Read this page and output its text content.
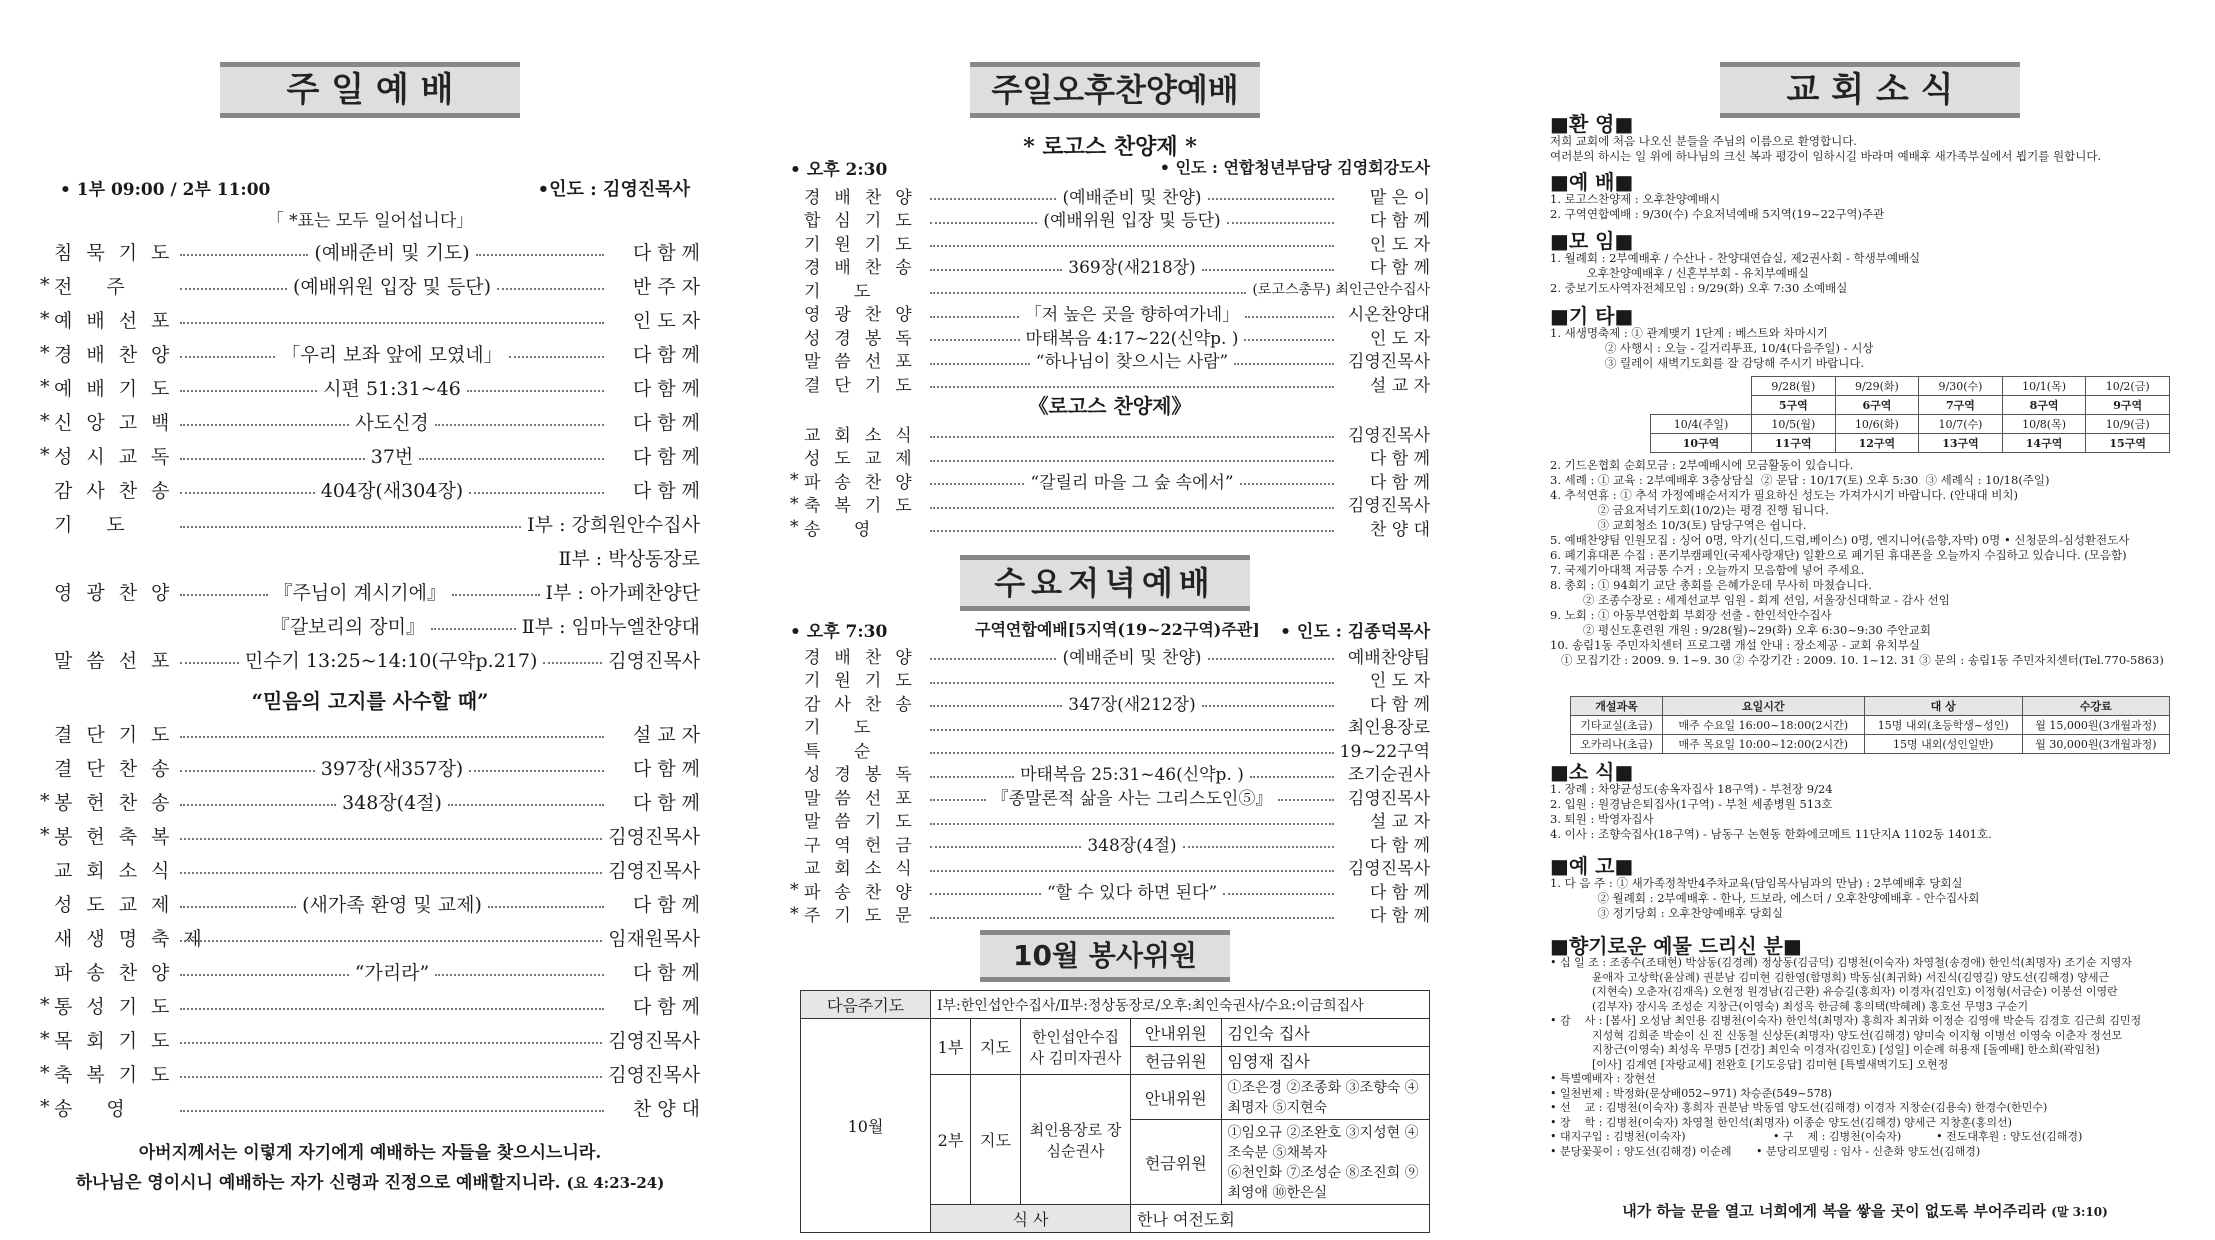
주 일 예 배
• 1부 09:00 / 2부 11:00	•인도 : 김영진목사
「 *표는 모두 일어섭니다」
침묵기도	(예배준비 및 기도)	다 함 께
* 전 주	(예배위원 입장 및 등단)	반 주 자
* 예배선포	인 도 자
* 경배찬양	「우리 보좌 앞에 모였네」	다 함 께
* 예배기도	시편 51:31~46	다 함 께
* 신앙고백	사도신경	다 함 께
* 성시교독	37번	다 함 께
감사찬송	404장(새304장)	다 함 께
기 도	Ⅰ부 : 강희원안수집사
Ⅱ부 : 박상동장로
영광찬양	『주님이 계시기에』	Ⅰ부 : 아가페찬양단
『갈보리의 장미』	Ⅱ부 : 임마누엘찬양대
말씀선포	민수기 13:25~14:10(구약p.217)	김영진목사
“믿음의 고지를 사수할 때”
결단기도	설 교 자
결단찬송	397장(새357장)	다 함 께
* 봉헌찬송	348장(4절)	다 함 께
* 봉헌축복	김영진목사
교회소식	김영진목사
성도교제	(새가족 환영 및 교제)	다 함 께
새생명축제	임재원목사
파송찬양	“가리라”	다 함 께
* 통성기도	다 함 께
* 목회기도	김영진목사
* 축복기도	김영진목사
* 송 영	찬 양 대
아버지께서는 이렇게 자기에게 예배하는 자들을 찾으시느니라.
하나님은 영이시니 예배하는 자가 신령과 진정으로 예배할지니라. (요 4:23-24)
주일오후찬양예배
* 로고스 찬양제 *
• 오후 2:30	• 인도 : 연합청년부담당 김영회강도사
경배찬양	(예배준비 및 찬양)	맡 은 이
합심기도	(예배위원 입장 및 등단)	다 함 께
기원기도	인 도 자
경배찬송	369장(새218장)	다 함 께
기 도	(로고스총무) 최인근안수집사
영광찬양	「저 높은 곳을 향하여가네」	시온찬양대
성경봉독	마태복음 4:17~22(신약p. )	인 도 자
말씀선포	“하나님이 찾으시는 사람”	김영진목사
결단기도	설 교 자
《로고스 찬양제》
교회소식	김영진목사
성도교제	다 함 께
* 파송찬양	“갈릴리 마을 그 숲 속에서”	다 함 께
* 축복기도	김영진목사
* 송 영	찬 양 대
수요저녁예배
• 오후 7:30	구역연합예배[5지역(19~22구역)주관]	• 인도 : 김종덕목사
경배찬양	(예배준비 및 찬양)	예배찬양팀
기원기도	인 도 자
감사찬송	347장(새212장)	다 함 께
기 도	최인용장로
특 순	19~22구역
성경봉독	마태복음 25:31~46(신약p. )	조기순권사
말씀선포	『종말론적 삶을 사는 그리스도인⑤』	김영진목사
말씀기도	설 교 자
구역헌금	348장(4절)	다 함 께
교회소식	김영진목사
* 파송찬양	“할 수 있다 하면 된다”	다 함 께
* 주기도문	다 함 께
10월 봉사위원
다음주기도	Ⅰ부:한인섭안수집사/Ⅱ부:정상동장로/오후:최인숙권사/수요:이금희집사
10월	1부	지도	한인섭안수집사 김미자권사	
안내위원	김인숙 집사

헌금위원	임영재 집사

2부	지도	최인용장로 장심순권사	
안내위원	①조은경 ②조종화 ③조향숙 ④최명자 ⑤지현숙

헌금위원	
①임오규 ②조완호 ③지성현 ④조숙분 ⑤채복자
⑥천인화 ⑦조성순 ⑧조진희 ⑨최영애 ⑩한은실

식 사	한나 여전도회
교 회 소 식
■환 영■
저희 교회에 처음 나오신 분들을 주님의 이름으로 환영합니다.
여러분의 하시는 일 위에 하나님의 크신 복과 평강이 임하시길 바라며 예배후 새가족부실에서 뵙기를 원합니다.
■예 배■
1. 로고스찬양제 : 오후찬양예배시
2. 구역연합예배 : 9/30(수) 수요저녁예배 5지역(19~22구역)주관
■모 임■
1. 월례회 : 2부예배후 / 수산나 - 찬양대연습실, 제2권사회 - 학생부예배실
오후찬양예배후 / 신혼부부회 - 유치부예배실
2. 중보기도사역자전체모임 : 9/29(화) 오후 7:30 소예배실
■기 타■
1. 새생명축제 : ① 관계맺기 1단계 : 베스트와 차마시기
② 사행시 : 오늘 - 길거리투표, 10/4(다음주일) - 시상
③ 릴레이 새벽기도회를 잘 감당해 주시기 바랍니다.
	9/28(월)	9/29(화)	9/30(수)	10/1(목)	10/2(금)
	5구역	6구역	7구역	8구역	9구역
10/4(주일)	10/5(월)	10/6(화)	10/7(수)	10/8(목)	10/9(금)
10구역	11구역	12구역	13구역	14구역	15구역
2. 기드온협회 순회모금 : 2부예배시에 모금활동이 있습니다.
3. 세례 : ① 교육 : 2부예배후 3층상담실  ② 문답 : 10/17(토) 오후 5:30  ③ 세례식 : 10/18(주일)
4. 추석연휴 : ① 추석 가정예배순서지가 필요하신 성도는 가져가시기 바랍니다. (안내대 비치)
② 금요저녁기도회(10/2)는 평경 진행 됩니다.
③ 교회청소 10/3(토) 담당구역은 쉽니다.
5. 예배찬양팀 인원모집 : 싱어 0명, 악기(신디,드럼,베이스) 0명, 엔지니어(음향,자막) 0명 • 신청문의-심성환전도사
6. 폐기휴대폰 수집 : 폰기부캠페인(국제사랑재단) 일환으로 폐기된 휴대폰을 오늘까지 수집하고 있습니다. (모음함)
7. 국제기아대책 저금통 수거 : 오늘까지 모음함에 넣어 주세요.
8. 총회 : ① 94회기 교단 총회를 은혜가운데 무사히 마쳤습니다.
② 조종수장로 : 세계선교부 임원 - 회계 선임, 서울장신대학교 - 감사 선임
9. 노회 : ① 아동부연합회 부회장 선출 - 한인석안수집사
② 평신도훈련원 개원 : 9/28(월)~29(화) 오후 6:30~9:30 주안교회
10. 송림1동 주민자치센터 프로그램 개설 안내 : 장소제공 - 교회 유치부실
① 모집기간 : 2009. 9. 1~9. 30 ② 수강기간 : 2009. 10. 1~12. 31 ③ 문의 : 송림1동 주민자치센터(Tel.770-5863)
개설과목	요일시간	대 상	수강료
기타교실(초급)	매주 수요일 16:00~18:00(2시간)	15명 내외(초등학생~성인)	월 15,000원(3개월과정)
오카리나(초급)	매주 목요일 10:00~12:00(2시간)	15명 내외(성인일반)	월 30,000원(3개월과정)
■소 식■
1. 장례 : 차양균성도(송옥자집사 18구역) - 부천장 9/24
2. 입원 : 원경남은퇴집사(1구역) - 부천 세종병원 513호
3. 퇴원 : 박영자집사
4. 이사 : 조향숙집사(18구역) - 남동구 논현동 한화에코메트 11단지A 1102동 1401호.
■예 고■
1. 다 음 주 : ① 새가족정착반4주차교육(담임목사님과의 만남) : 2부예배후 당회실
② 월례회 : 2부예배후 - 한나, 드보라, 에스더 / 오후찬양예배후 - 안수집사회
③ 정기당회 : 오후찬양예배후 당회실
■향기로운 예물 드리신 분■
• 십 일 조 : 조종수(조태현) 박삼동(김경례) 정상동(김금덕) 김병천(이숙자) 차영철(송경애) 한인석(최명자) 조기순 지영자
윤애자 고상학(윤삼례) 권분남 김미현 김한영(함명희) 박동심(최귀화) 서진식(김영길) 양도선(김해경) 양세근
(지현숙) 오춘자(김재옥) 오현정 원경남(김근환) 유승길(홍희자) 이경자(김인호) 이정형(서금순) 이봉선 이영란
(김부자) 장시옥 조성순 지창근(이영숙) 최성옥 한금혜 홍의택(박혜례) 홍호선 무명3 구순기
• 감    사 : [봄사] 오성남 최인용 김병천(이숙자) 한인석(최명자) 홍희자 최귀화 이정순 김영애 박순득 김경호 김근희 김민정
지성혁 김희준 박순이 신 진 신동철 신상돈(최명자) 양도선(김해경) 양미숙 이지형 이병선 이영숙 이춘자 정선모
지창근(이영숙) 최성옥 무명5 [건강] 최인숙 이경자(김인호) [성일] 이순례 허용재 [돌예배] 한소희(곽임천)
[이사] 김계연 [자랑교세] 전완호 [기도응답] 김미현 [특별새벽기도] 오현정
• 특별예배자 : 장현선
• 일천번제 : 박정화(문상배052~971) 차승준(549~578)
• 선    교 : 김병천(이숙자) 홍희자 권분남 박동엽 양도선(김해경) 이경자 지창순(김용숙) 한경수(한민수)
• 장    학 : 김병천(이숙자) 차영철 한인석(최명자) 이종순 양도선(김해경) 양세근 지창훈(홍의선)
• 대지구입 : 김병천(이숙자)                         • 구    제 : 김병천(이숙자)          • 전도대후원 : 양도선(김해경)
• 분당꽃꽂이 : 양도선(김해경) 이순례       • 분당리모델링 : 임사 - 신춘화 양도선(김해경)
내가 하늘 문을 열고 너희에게 복을 쌓을 곳이 없도록 부어주리라 (말 3:10)
